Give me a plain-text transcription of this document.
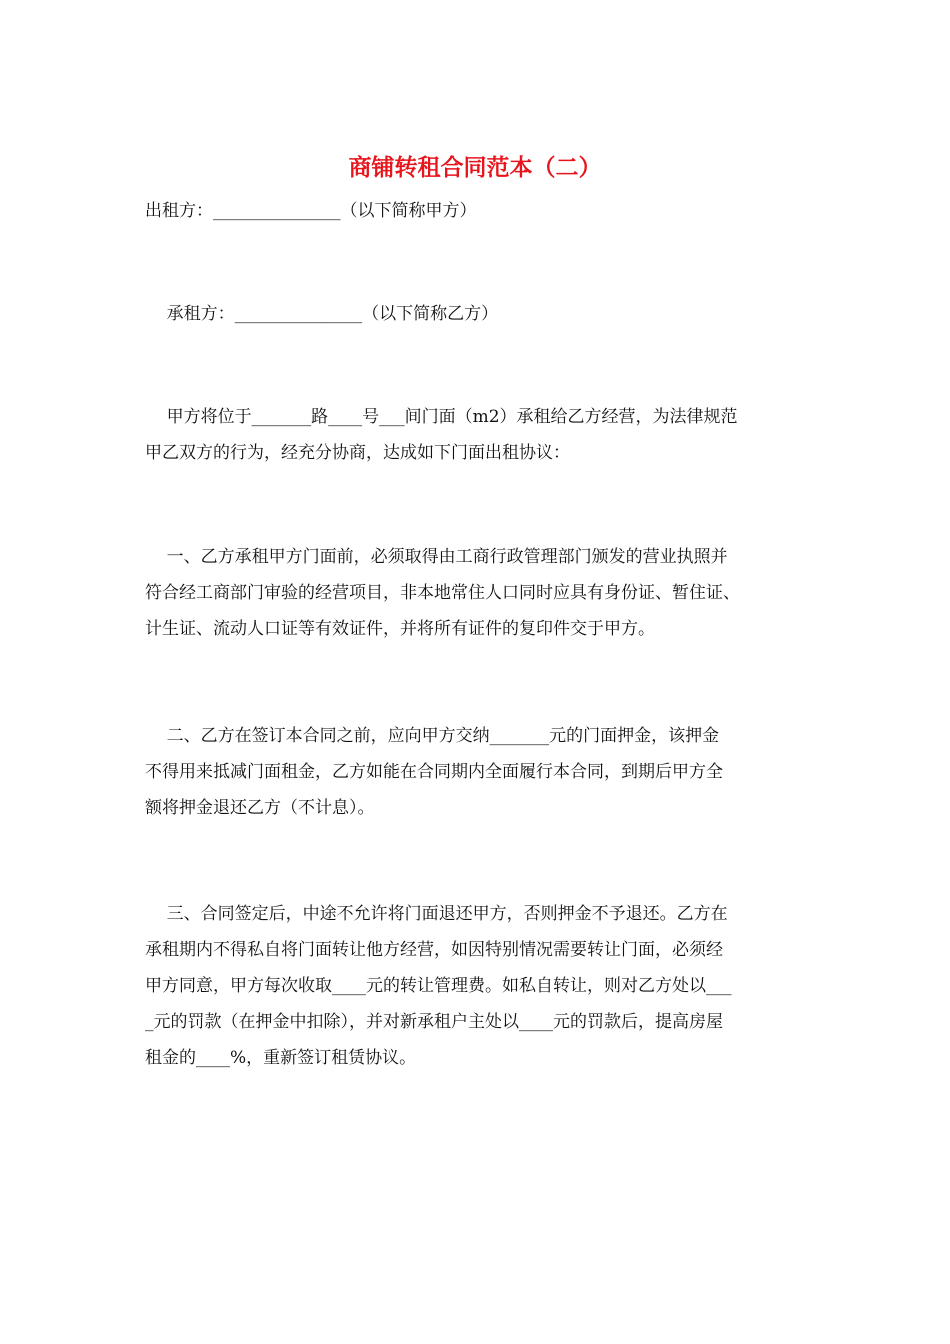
商铺转租合同范本（二）
出租方：_______________（以下简称甲方）
承租方：_______________（以下简称乙方）
甲方将位于_______路____号___间门面（m2）承租给乙方经营，为法律规范
甲乙双方的行为，经充分协商，达成如下门面出租协议：
一、乙方承租甲方门面前，必须取得由工商行政管理部门颁发的营业执照并
符合经工商部门审验的经营项目，非本地常住人口同时应具有身份证、暂住证、
计生证、流动人口证等有效证件，并将所有证件的复印件交于甲方。
二、乙方在签订本合同之前，应向甲方交纳_______元的门面押金，该押金
不得用来抵减门面租金，乙方如能在合同期内全面履行本合同，到期后甲方全
额将押金退还乙方（不计息）。
三、合同签定后，中途不允许将门面退还甲方，否则押金不予退还。乙方在
承租期内不得私自将门面转让他方经营，如因特别情况需要转让门面，必须经
甲方同意，甲方每次收取____元的转让管理费。如私自转让，则对乙方处以___
_元的罚款（在押金中扣除），并对新承租户主处以____元的罚款后，提高房屋
租金的____%，重新签订租赁协议。
